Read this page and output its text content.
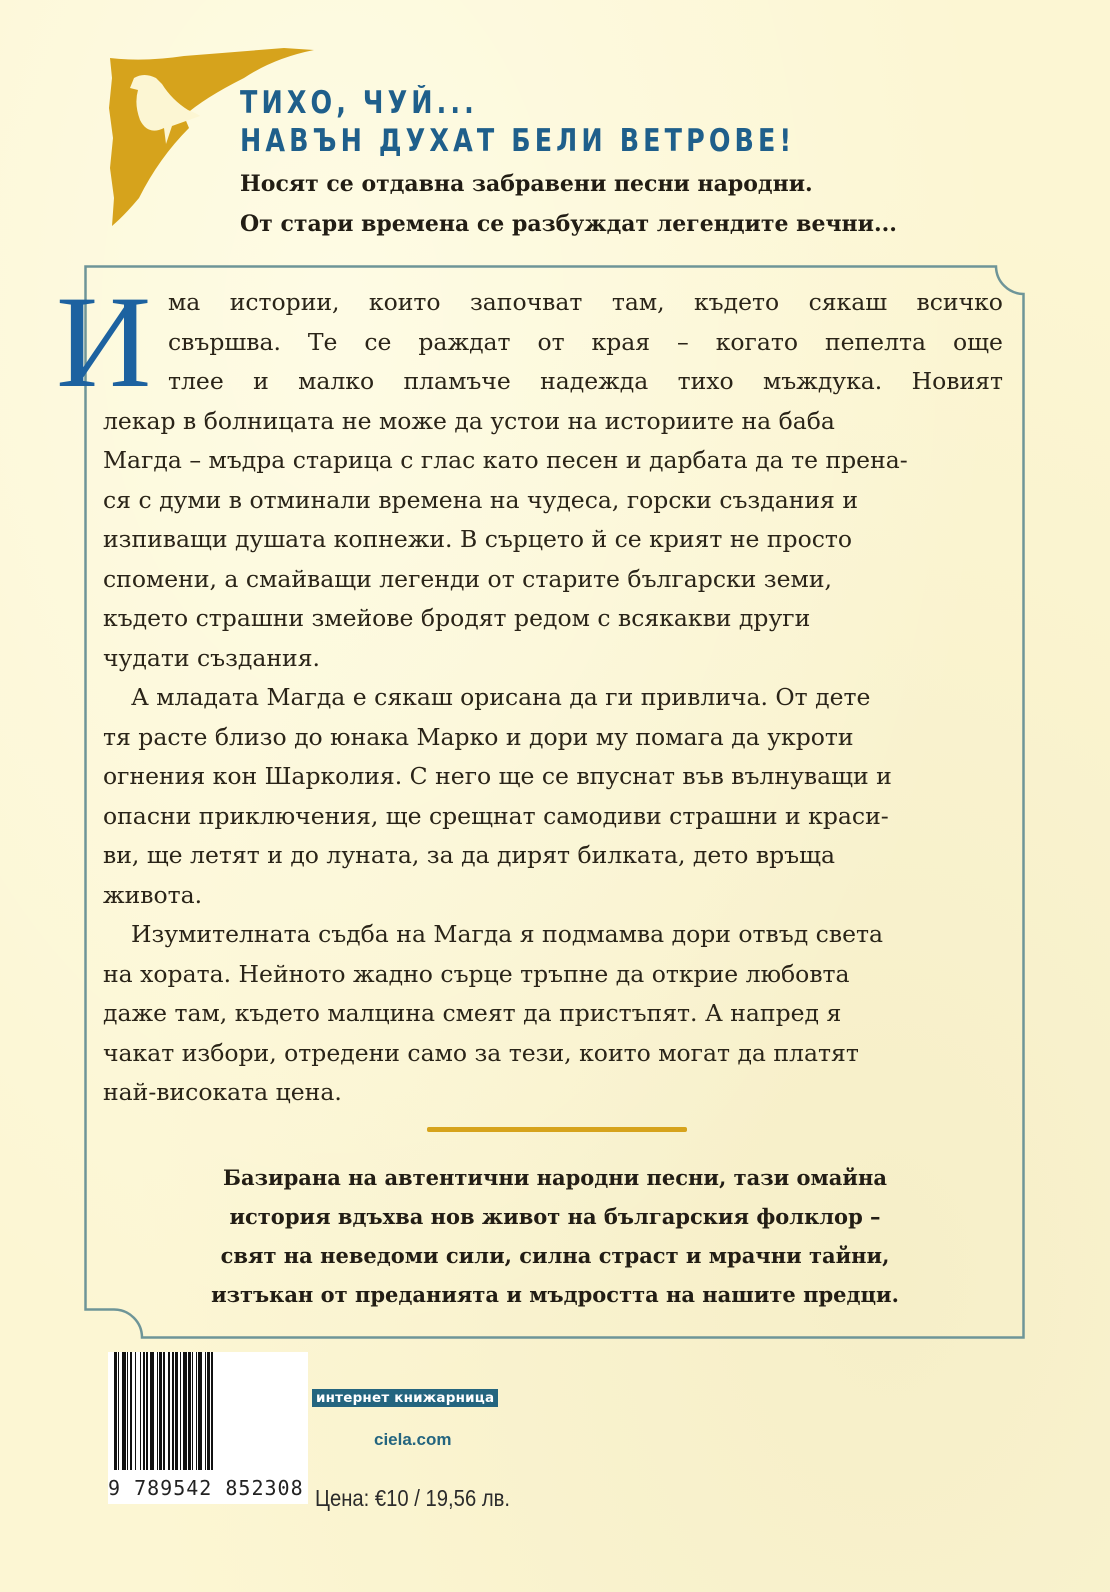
ТИХО, ЧУЙ...
НАВЪН ДУХАТ БЕЛИ ВЕТРОВЕ!
Носят се отдавна забравени песни народни.
От стари времена се разбуждат легендите вечни...
И ма истории, които започват там, където сякаш всичко
свършва. Те се раждат от края – когато пепелта още
тлее и малко пламъче надежда тихо мъждука. Новият
лекар в болницата не може да устои на историите на баба
Магда – мъдра старица с глас като песен и дарбата да те прена-
ся с думи в отминали времена на чудеса, горски създания и
изпиващи душата копнежи. В сърцето й се крият не просто
спомени, а смайващи легенди от старите български земи,
където страшни змейове бродят редом с всякакви други
чудати създания.

А младата Магда е сякаш орисана да ги привлича. От дете
тя расте близо до юнака Марко и дори му помага да укроти
огнения кон Шарколия. С него ще се впуснат във вълнуващи и
опасни приключения, ще срещнат самодиви страшни и краси-
ви, ще летят и до луната, за да дирят билката, дето връща
живота.

Изумителната съдба на Магда я подмамва дори отвъд света
на хората. Нейното жадно сърце тръпне да открие любовта
даже там, където малцина смеят да пристъпят. А напред я
чакат избори, отредени само за тези, които могат да платят
най-високата цена.

Базирана на автентични народни песни, тази омайна
история вдъхва нов живот на българския фолклор –
свят на неведоми сили, силна страст и мрачни тайни,
изтъкан от преданията и мъдростта на нашите предци.
9 789542 852308
интернет книжарница
ciela.com
Цена: €10 / 19,56 лв.
